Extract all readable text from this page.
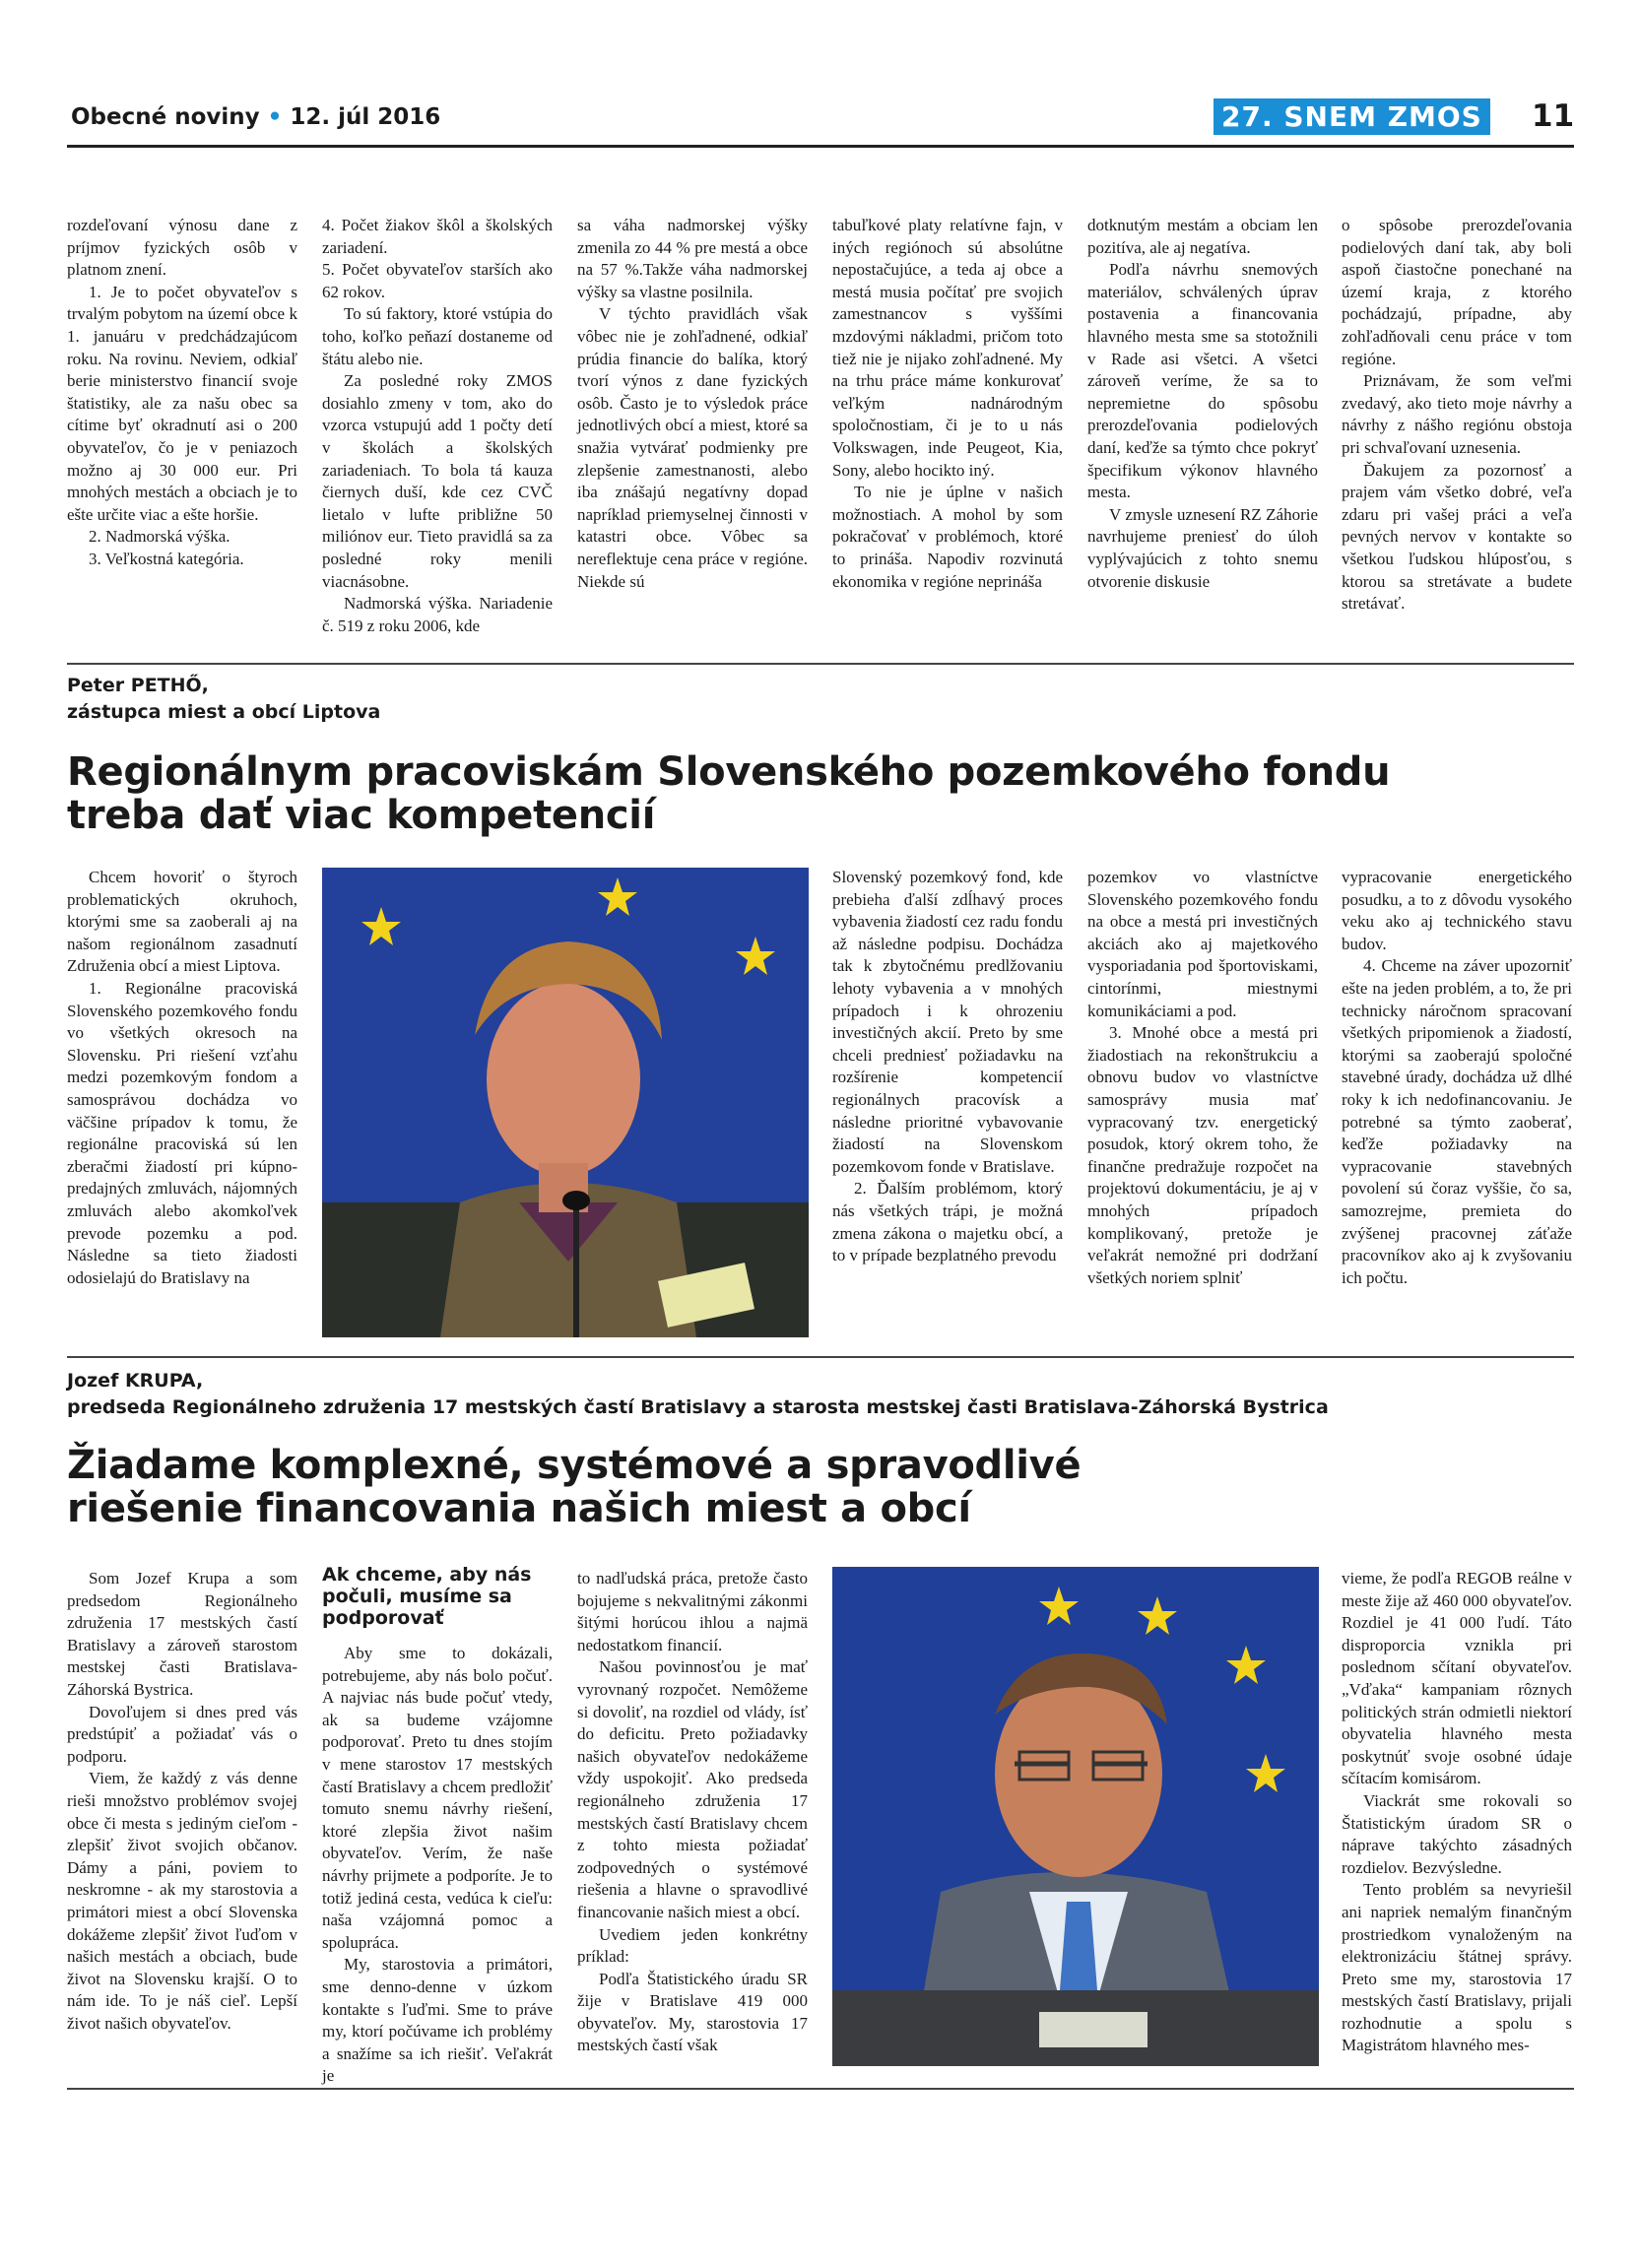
Obecné noviny • 12. júl 2016	27. SNEM ZMOS 11

rozdeľovaní výnosu dane z príjmov fyzických osôb v platnom znení.

1. Je to počet obyvateľov s trvalým pobytom na území obce k 1. januáru v predchádzajúcom roku. Na rovinu. Neviem, odkiaľ berie ministerstvo financií svoje štatistiky, ale za našu obec sa cítime byť okradnutí asi o 200 obyvateľov, čo je v peniazoch možno aj 30 000 eur. Pri mnohých mestách a obciach je to ešte určite viac a ešte horšie.

2. Nadmorská výška.

3. Veľkostná kategória.

4. Počet žiakov škôl a školských zariadení.

5. Počet obyvateľov starších ako 62 rokov.

To sú faktory, ktoré vstúpia do toho, koľko peňazí dostaneme od štátu alebo nie.

Za posledné roky ZMOS dosiahlo zmeny v tom, ako do vzorca vstupujú add 1 počty detí v školách a školských zariadeniach. To bola tá kauza čiernych duší, kde cez CVČ lietalo v lufte približne 50 miliónov eur. Tieto pravidlá sa za posledné roky menili viacnásobne.

Nadmorská výška. Nariadenie č. 519 z roku 2006, kde

sa váha nadmorskej výšky zmenila zo 44 % pre mestá a obce na 57 %.Takže váha nadmorskej výšky sa vlastne posilnila.

V týchto pravidlách však vôbec nie je zohľadnené, odkiaľ prúdia financie do balíka, ktorý tvorí výnos z dane fyzických osôb. Často je to výsledok práce jednotlivých obcí a miest, ktoré sa snažia vytvárať podmienky pre zlepšenie zamestnanosti, alebo iba znášajú negatívny dopad napríklad priemyselnej činnosti v katastri obce. Vôbec sa nereflektuje cena práce v regióne. Niekde sú

tabuľkové platy relatívne fajn, v iných regiónoch sú absolútne nepostačujúce, a teda aj obce a mestá musia počítať pre svojich zamestnancov s vyššími mzdovými nákladmi, pričom toto tiež nie je nijako zohľadnené. My na trhu práce máme konkurovať veľkým nadnárodným spoločnostiam, či je to u nás Volkswagen, inde Peugeot, Kia, Sony, alebo hocikto iný.

To nie je úplne v našich možnostiach. A mohol by som pokračovať v problémoch, ktoré to prináša. Napodiv rozvinutá ekonomika v regióne neprináša

dotknutým mestám a obciam len pozitíva, ale aj negatíva.

Podľa návrhu snemových materiálov, schválených úprav postavenia a financovania hlavného mesta sme sa stotožnili v Rade asi všetci. A všetci zároveň veríme, že sa to nepremietne do spôsobu prerozdeľovania podielových daní, keďže sa týmto chce pokryť špecifikum výkonov hlavného mesta.

V zmysle uznesení RZ Záhorie navrhujeme preniesť do úloh vyplývajúcich z tohto snemu otvorenie diskusie

o spôsobe prerozdeľovania podielových daní tak, aby boli aspoň čiastočne ponechané na území kraja, z ktorého pochádzajú, prípadne, aby zohľadňovali cenu práce v tom regióne.

Priznávam, že som veľmi zvedavý, ako tieto moje návrhy a návrhy z nášho regiónu obstoja pri schvaľovaní uznesenia.

Ďakujem za pozornosť a prajem vám všetko dobré, veľa zdaru pri vašej práci a veľa pevných nervov v kontakte so všetkou ľudskou hlúposťou, s ktorou sa stretávate a budete stretávať.

Peter PETHŐ,
zástupca miest a obcí Liptova
Regionálnym pracoviskám Slovenského pozemkového fondu
treba dať viac kompetencií

Chcem hovoriť o štyroch problematických okruhoch, ktorými sme sa zaoberali aj na našom regionálnom zasadnutí Združenia obcí a miest Liptova.

1. Regionálne pracoviská Slovenského pozemkového fondu vo všetkých okresoch na Slovensku. Pri riešení vzťahu medzi pozemkovým fondom a samosprávou dochádza vo väčšine prípadov k tomu, že regionálne pracoviská sú len zberačmi žiadostí pri kúpno-predajných zmluvách, nájomných zmluvách alebo akomkoľvek prevode pozemku a pod. Následne sa tieto žiadosti odosielajú do Bratislavy na

Slovenský pozemkový fond, kde prebieha ďalší zdĺhavý proces vybavenia žiadostí cez radu fondu až následne podpisu. Dochádza tak k zbytočnému predlžovaniu lehoty vybavenia a v mnohých prípadoch i k ohrozeniu investičných akcií. Preto by sme chceli predniesť požiadavku na rozšírenie kompetencií regionálnych pracovísk a následne prioritné vybavovanie žiadostí na Slovenskom pozemkovom fonde v Bratislave.

2. Ďalším problémom, ktorý nás všetkých trápi, je možná zmena zákona o majetku obcí, a to v prípade bezplatného prevodu

pozemkov vo vlastníctve Slovenského pozemkového fondu na obce a mestá pri investičných akciách ako aj majetkového vysporiadania pod športoviskami, cintorínmi, miestnymi komunikáciami a pod.

3. Mnohé obce a mestá pri žiadostiach na rekonštrukciu a obnovu budov vo vlastníctve samosprávy musia mať vypracovaný tzv. energetický posudok, ktorý okrem toho, že finančne predražuje rozpočet na projektovú dokumentáciu, je aj v mnohých prípadoch komplikovaný, pretože je veľakrát nemožné pri dodržaní všetkých noriem splniť

vypracovanie energetického posudku, a to z dôvodu vysokého veku ako aj technického stavu budov.

4. Chceme na záver upozorniť ešte na jeden problém, a to, že pri technicky náročnom spracovaní všetkých pripomienok a žiadostí, ktorými sa zaoberajú spoločné stavebné úrady, dochádza už dlhé roky k ich nedofinancovaniu. Je potrebné sa týmto zaoberať, keďže požiadavky na vypracovanie stavebných povolení sú čoraz vyššie, čo sa, samozrejme, premieta do zvýšenej pracovnej záťaže pracovníkov ako aj k zvyšovaniu ich počtu.

Jozef KRUPA,
predseda Regionálneho združenia 17 mestských častí Bratislavy a starosta mestskej časti Bratislava-Záhorská Bystrica
Žiadame komplexné, systémové a spravodlivé
riešenie financovania našich miest a obcí

Som Jozef Krupa a som predsedom Regionálneho združenia 17 mestských častí Bratislavy a zároveň starostom mestskej časti Bratislava-Záhorská Bystrica.

Dovoľujem si dnes pred vás predstúpiť a požiadať vás o podporu.

Viem, že každý z vás denne rieši množstvo problémov svojej obce či mesta s jediným cieľom - zlepšiť život svojich občanov. Dámy a páni, poviem to neskromne - ak my starostovia a primátori miest a obcí Slovenska dokážeme zlepšiť život ľuďom v našich mestách a obciach, bude život na Slovensku krajší. O to nám ide. To je náš cieľ. Lepší život našich obyvateľov.

Ak chceme, aby nás počuli, musíme sa podporovať

Aby sme to dokázali, potrebujeme, aby nás bolo počuť. A najviac nás bude počuť vtedy, ak sa budeme vzájomne podporovať. Preto tu dnes stojím v mene starostov 17 mestských častí Bratislavy a chcem predložiť tomuto snemu návrhy riešení, ktoré zlepšia život našim obyvateľov. Verím, že naše návrhy prijmete a podporíte. Je to totiž jediná cesta, vedúca k cieľu: naša vzájomná pomoc a spolupráca.

My, starostovia a primátori, sme denno-denne v úzkom kontakte s ľuďmi. Sme to práve my, ktorí počúvame ich problémy a snažíme sa ich riešiť. Veľakrát je

to nadľudská práca, pretože často bojujeme s nekvalitnými zákonmi šitými horúcou ihlou a najmä nedostatkom financií.

Našou povinnosťou je mať vyrovnaný rozpočet. Nemôžeme si dovoliť, na rozdiel od vlády, ísť do deficitu. Preto požiadavky našich obyvateľov nedokážeme vždy uspokojiť. Ako predseda regionálneho združenia 17 mestských častí Bratislavy chcem z tohto miesta požiadať zodpovedných o systémové riešenia a hlavne o spravodlivé financovanie našich miest a obcí.

Uvediem jeden konkrétny príklad:

Podľa Štatistického úradu SR žije v Bratislave 419 000 obyvateľov. My, starostovia 17 mestských častí však

vieme, že podľa REGOB reálne v meste žije až 460 000 obyvateľov. Rozdiel je 41 000 ľudí. Táto disproporcia vznikla pri poslednom sčítaní obyvateľov. „Vďaka“ kampaniam rôznych politických strán odmietli niektorí obyvatelia hlavného mesta poskytnúť svoje osobné údaje sčítacím komisárom.

Viackrát sme rokovali so Štatistickým úradom SR o náprave takýchto zásadných rozdielov. Bezvýsledne.

Tento problém sa nevyriešil ani napriek nemalým finančným prostriedkom vynaloženým na elektronizáciu štátnej správy. Preto sme my, starostovia 17 mestských častí Bratislavy, prijali rozhodnutie a spolu s Magistrátom hlavného mes-
